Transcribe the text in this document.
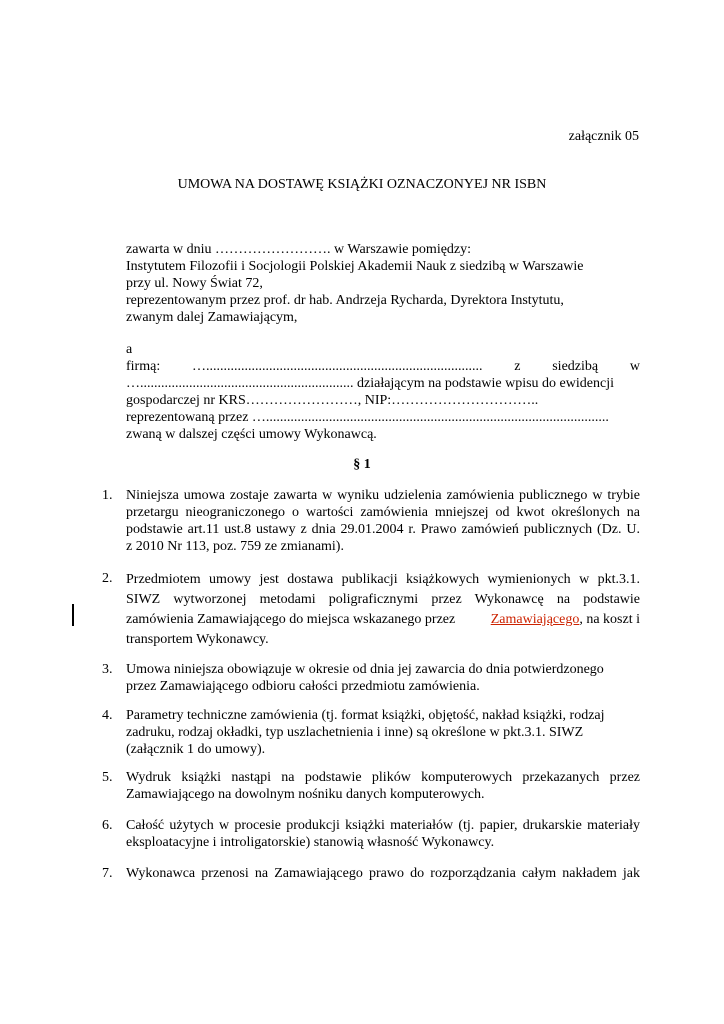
załącznik 05
UMOWA NA DOSTAWĘ KSIĄŻKI OZNACZONYEJ NR ISBN
zawarta w dniu ……………………. w Warszawie pomiędzy:
Instytutem Filozofii i Socjologii Polskiej Akademii Nauk z siedzibą w Warszawie
przy ul. Nowy Świat 72,
reprezentowanym przez prof. dr hab. Andrzeja Rycharda, Dyrektora Instytutu,
zwanym dalej Zamawiającym,
a
firmą: …............................................................................... z siedzibą w
…............................................................. działającym na podstawie wpisu do ewidencji
gospodarczej nr KRS……………………, NIP:…………………………..
reprezentowaną przez …..................................................................................................
zwaną w dalszej części umowy Wykonawcą.
§ 1
1. Niniejsza umowa zostaje zawarta w wyniku udzielenia zamówienia publicznego w trybie
przetargu nieograniczonego o wartości zamówienia mniejszej od kwot określonych na
podstawie art.11 ust.8 ustawy z dnia 29.01.2004 r. Prawo zamówień publicznych (Dz. U.
z 2010 Nr 113, poz. 759 ze zmianami).
2. Przedmiotem umowy jest dostawa publikacji książkowych wymienionych w pkt.3.1.
SIWZ wytworzonej metodami poligraficznymi przez Wykonawcę na podstawie
zamówienia Zamawiającego do miejsca wskazanego przez	Zamawiającego, na koszt i
transportem Wykonawcy.
3. Umowa niniejsza obowiązuje w okresie od dnia jej zawarcia do dnia potwierdzonego
przez Zamawiającego odbioru całości przedmiotu zamówienia.
4. Parametry techniczne zamówienia (tj. format książki, objętość, nakład książki, rodzaj
zadruku, rodzaj okładki, typ uszlachetnienia i inne) są określone w pkt.3.1. SIWZ
(załącznik 1 do umowy).
5. Wydruk książki nastąpi na podstawie plików komputerowych przekazanych przez
Zamawiającego na dowolnym nośniku danych komputerowych.
6. Całość użytych w procesie produkcji książki materiałów (tj. papier, drukarskie materiały
eksploatacyjne i introligatorskie) stanowią własność Wykonawcy.
7. Wykonawca przenosi na Zamawiającego prawo do rozporządzania całym nakładem jak
